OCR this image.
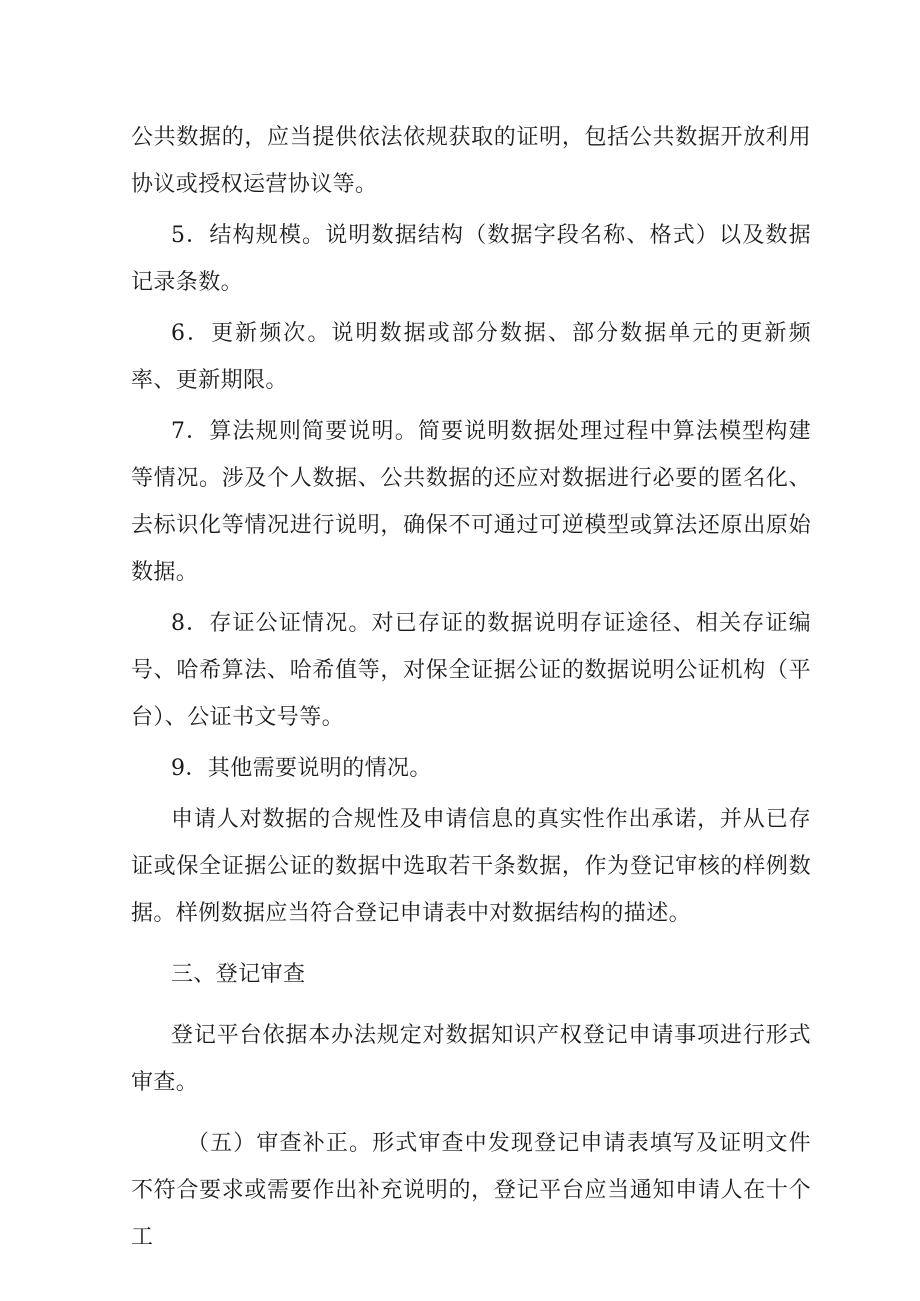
公共数据的，应当提供依法依规获取的证明，包括公共数据开放利用协议或授权运营协议等。

5．结构规模。说明数据结构（数据字段名称、格式）以及数据记录条数。

6．更新频次。说明数据或部分数据、部分数据单元的更新频率、更新期限。

7．算法规则简要说明。简要说明数据处理过程中算法模型构建等情况。涉及个人数据、公共数据的还应对数据进行必要的匿名化、去标识化等情况进行说明，确保不可通过可逆模型或算法还原出原始数据。

8．存证公证情况。对已存证的数据说明存证途径、相关存证编号、哈希算法、哈希值等，对保全证据公证的数据说明公证机构（平台）、公证书文号等。

9．其他需要说明的情况。

申请人对数据的合规性及申请信息的真实性作出承诺，并从已存证或保全证据公证的数据中选取若干条数据，作为登记审核的样例数据。样例数据应当符合登记申请表中对数据结构的描述。

三、登记审查

登记平台依据本办法规定对数据知识产权登记申请事项进行形式审查。

（五）审查补正。形式审查中发现登记申请表填写及证明文件不符合要求或需要作出补充说明的，登记平台应当通知申请人在十个工
